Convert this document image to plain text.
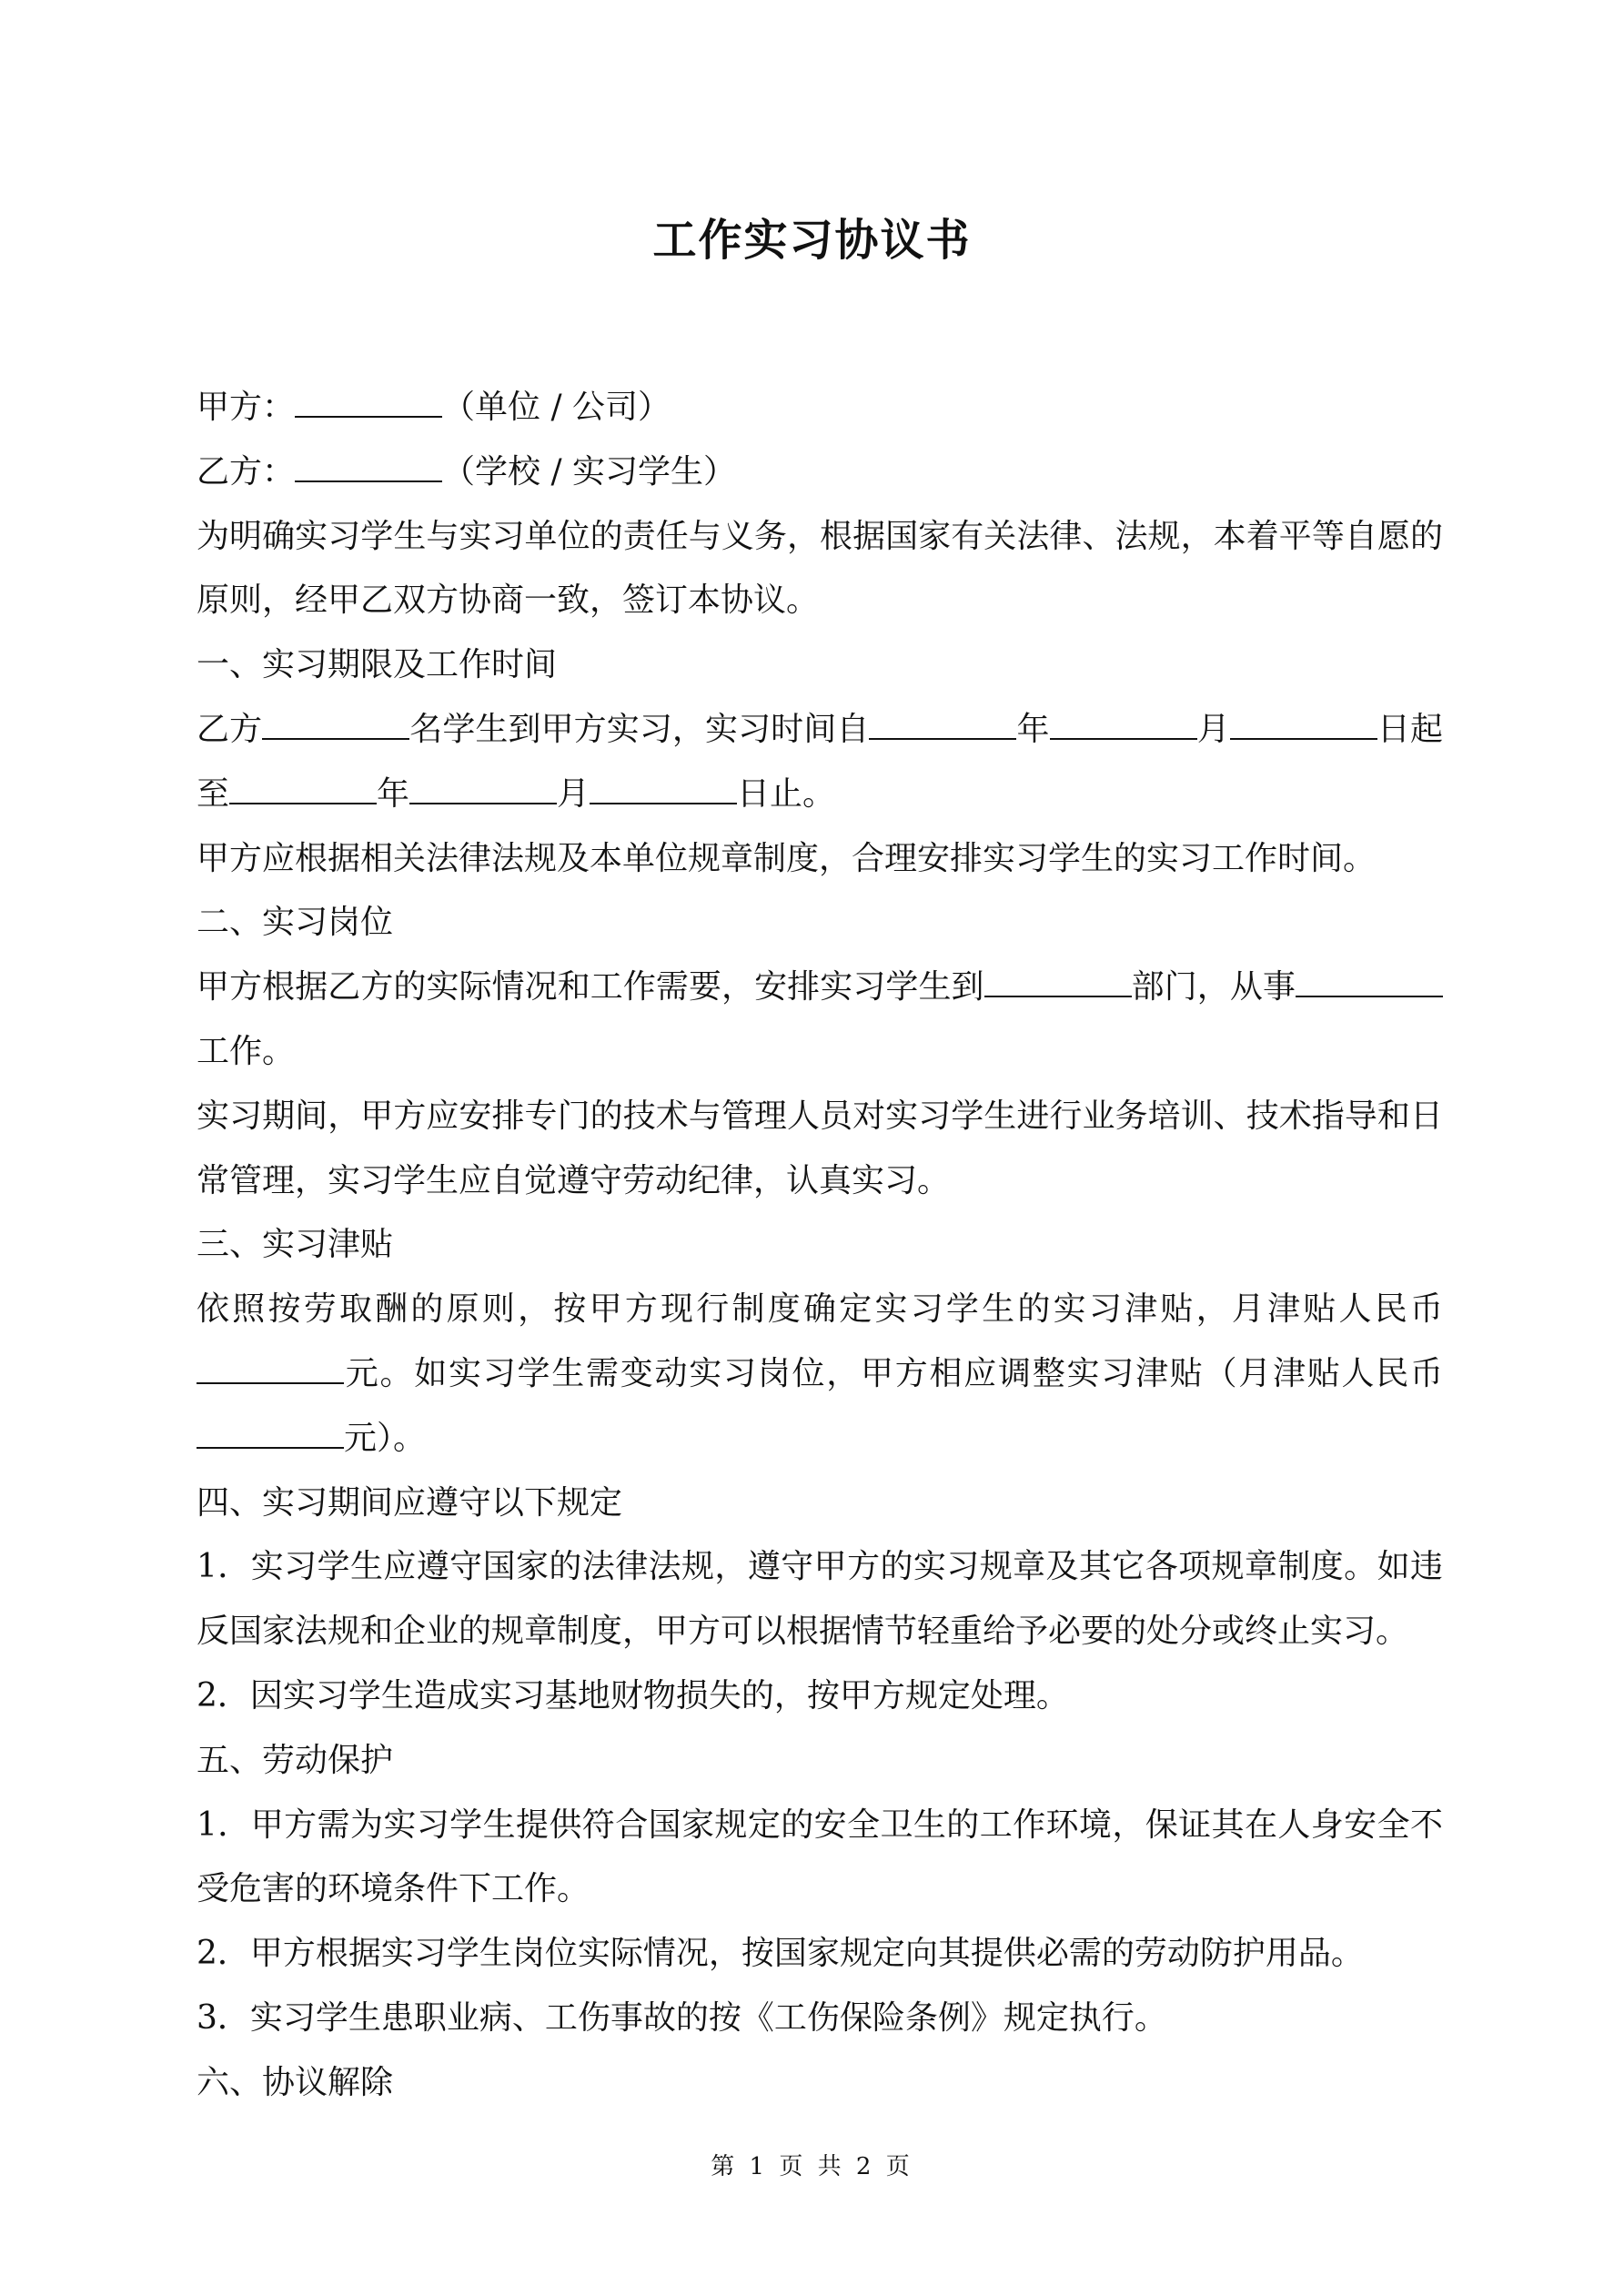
工作实习协议书
甲方：	（单位 / 公司）
乙方：	（学校 / 实习学生）
为明确实习学生与实习单位的责任与义务，根据国家有关法律、法规，本着平等自愿的
原则，经甲乙双方协商一致，签订本协议。
一、实习期限及工作时间
乙方	名学生到甲方实习，实习时间自	年	月	日起
至	年	月	日止。
甲方应根据相关法律法规及本单位规章制度，合理安排实习学生的实习工作时间。
二、实习岗位
甲方根据乙方的实际情况和工作需要，安排实习学生到	部门，从事
工作。
实习期间，甲方应安排专门的技术与管理人员对实习学生进行业务培训、技术指导和日
常管理，实习学生应自觉遵守劳动纪律，认真实习。
三、实习津贴
依照按劳取酬的原则，按甲方现行制度确定实习学生的实习津贴，月津贴人民币
元。如实习学生需变动实习岗位，甲方相应调整实习津贴（月津贴人民币
元）。
四、实习期间应遵守以下规定
1．实习学生应遵守国家的法律法规，遵守甲方的实习规章及其它各项规章制度。如违
反国家法规和企业的规章制度，甲方可以根据情节轻重给予必要的处分或终止实习。
2．因实习学生造成实习基地财物损失的，按甲方规定处理。
五、劳动保护
1．甲方需为实习学生提供符合国家规定的安全卫生的工作环境，保证其在人身安全不
受危害的环境条件下工作。
2．甲方根据实习学生岗位实际情况，按国家规定向其提供必需的劳动防护用品。
3．实习学生患职业病、工伤事故的按《工伤保险条例》规定执行。
六、协议解除
第 1 页 共 2 页
